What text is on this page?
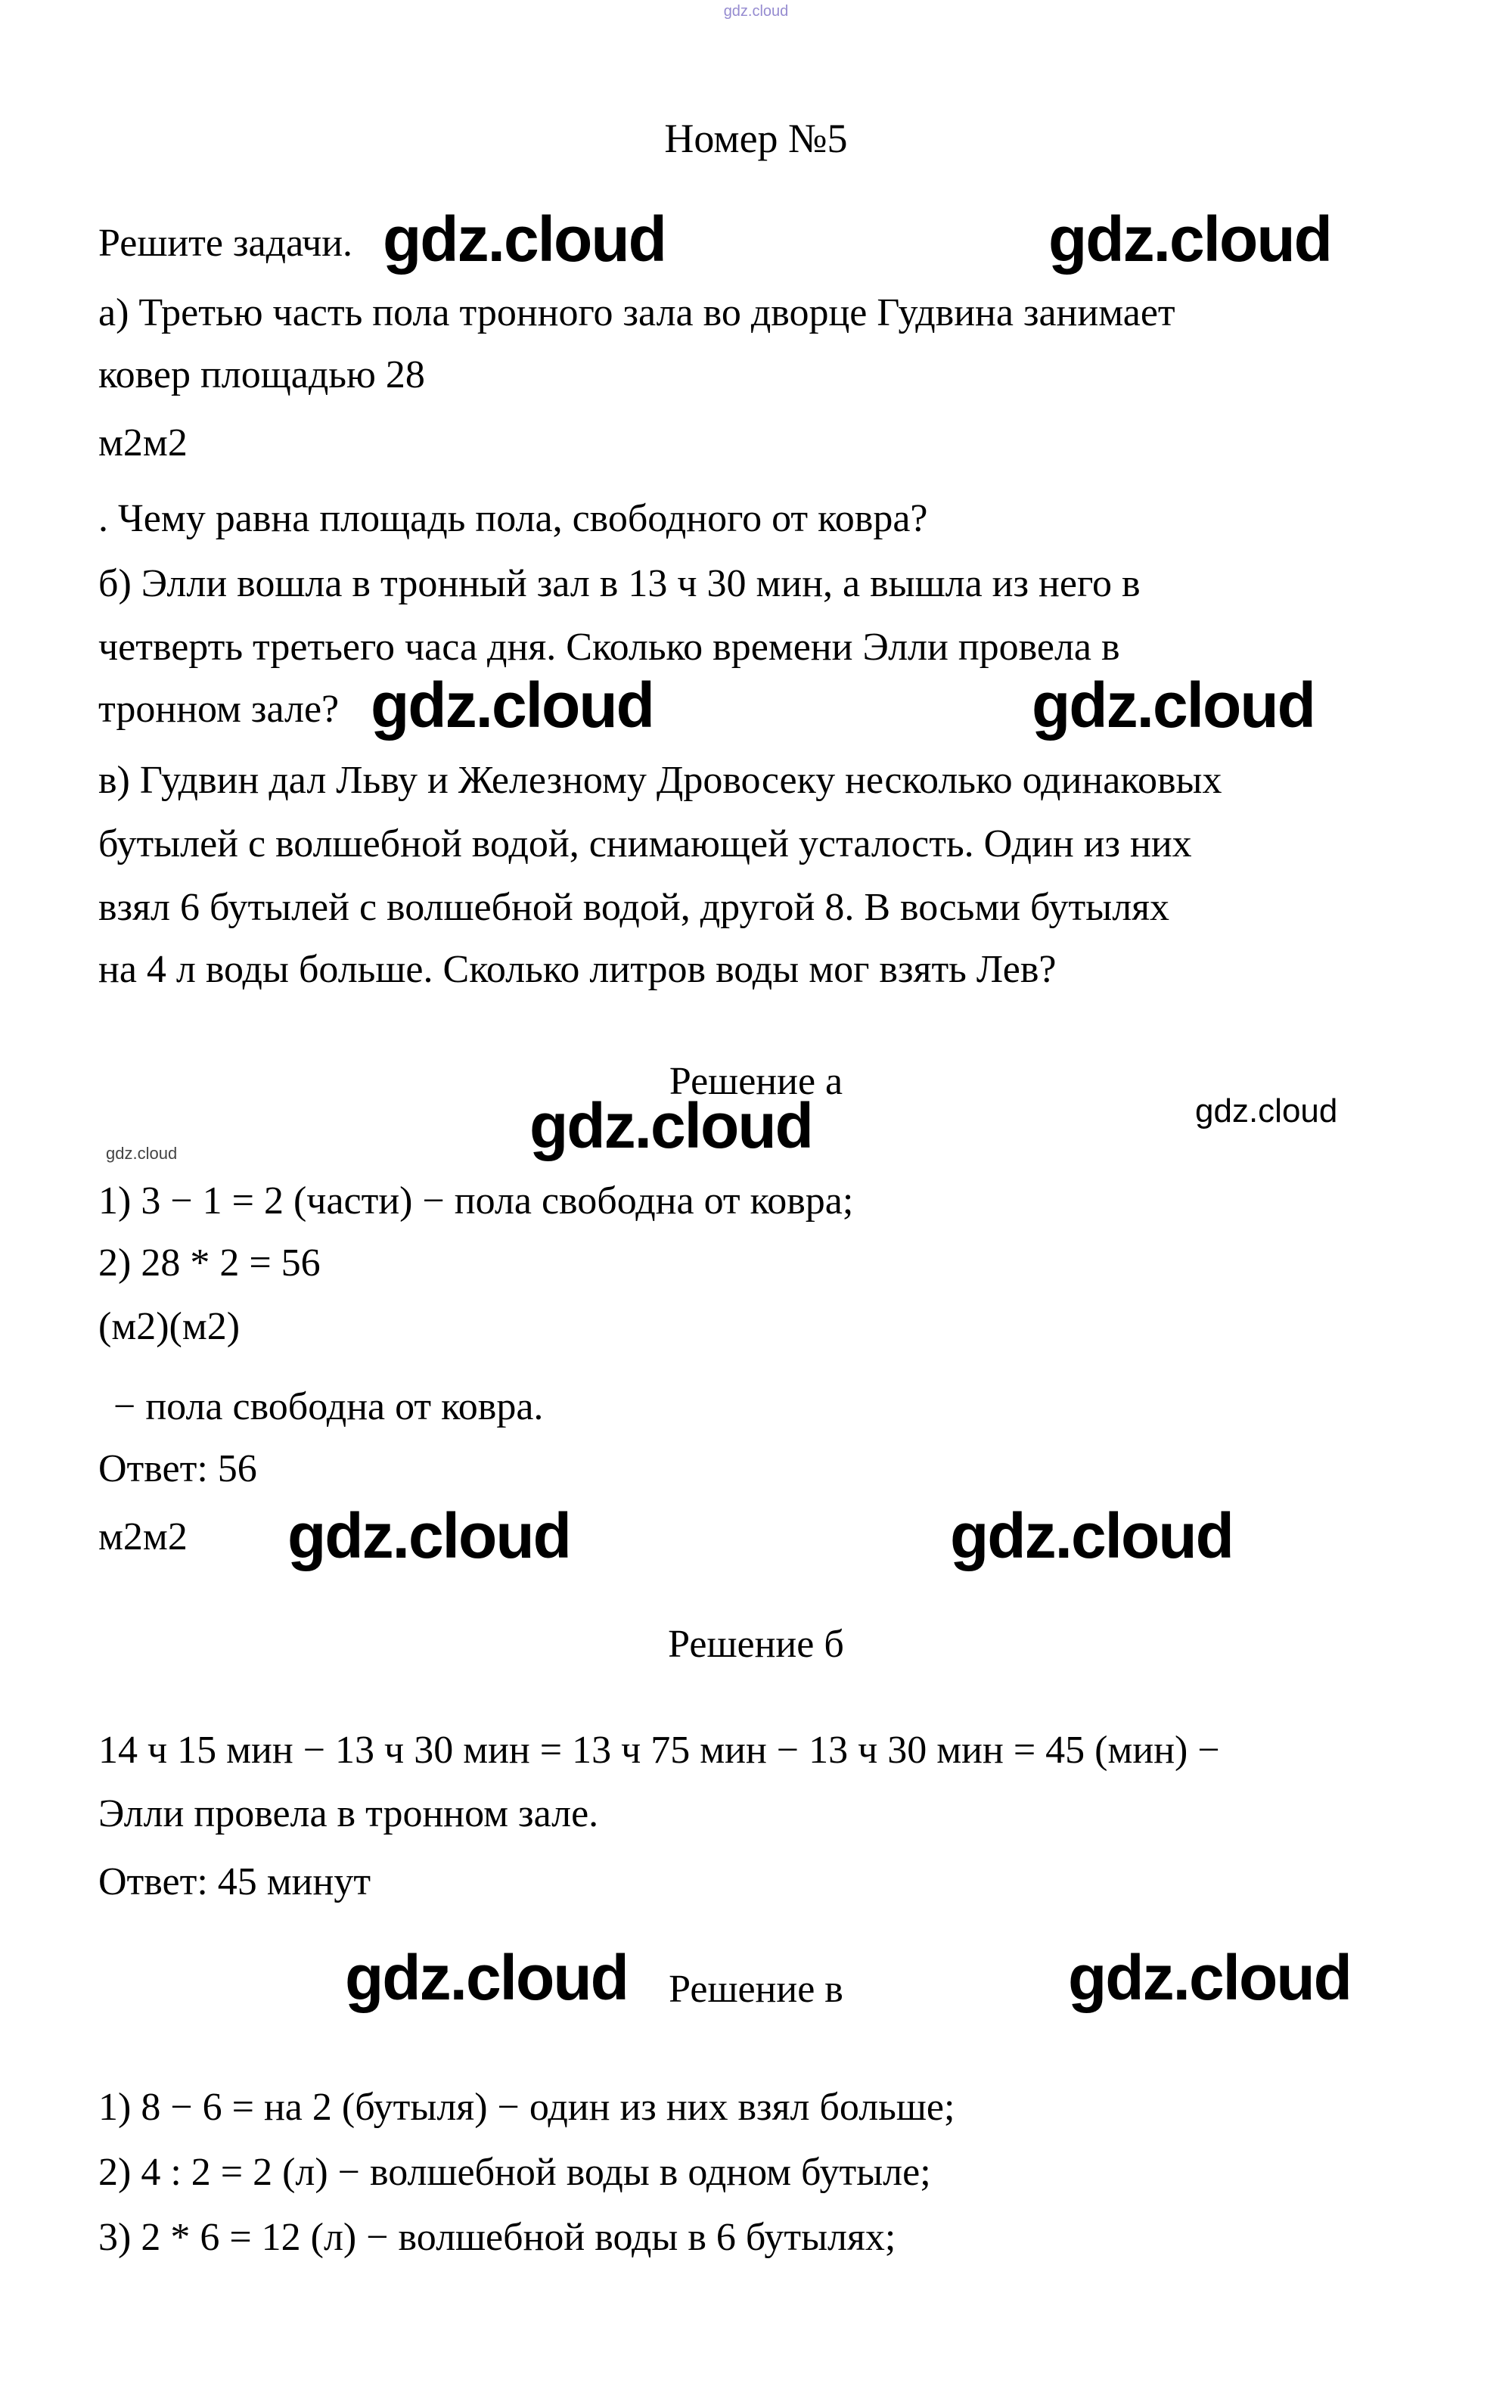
gdz.cloud
Номер №5
Решите задачи. gdz.cloud	gdz.cloud
а) Третью часть пола тронного зала во дворце Гудвина занимает
ковер площадью 28
м2м2
. Чему равна площадь пола, свободного от ковра?
б) Элли вошла в тронный зал в 13 ч 30 мин, а вышла из него в
четверть третьего часа дня. Сколько времени Элли провела в
тронном зале? gdz.cloud	gdz.cloud
в) Гудвин дал Льву и Железному Дровосеку несколько одинаковых
бутылей с волшебной водой, снимающей усталость. Один из них
взял 6 бутылей с волшебной водой, другой 8. В восьми бутылях
на 4 л воды больше. Сколько литров воды мог взять Лев?
Решение а
gdz.cloud	gdz.cloud
gdz.cloud
1) 3 − 1 = 2 (части) − пола свободна от ковра;
2) 28 * 2 = 56
(м2)(м2)
− пола свободна от ковра.
Ответ: 56
м2м2 gdz.cloud	gdz.cloud
Решение б
14 ч 15 мин − 13 ч 30 мин = 13 ч 75 мин − 13 ч 30 мин = 45 (мин) −
Элли провела в тронном зале.
Ответ: 45 минут
gdz.cloud	Решение в	gdz.cloud
1) 8 − 6 = на 2 (бутыля) − один из них взял больше;
2) 4 : 2 = 2 (л) − волшебной воды в одном бутыле;
3) 2 * 6 = 12 (л) − волшебной воды в 6 бутылях;
